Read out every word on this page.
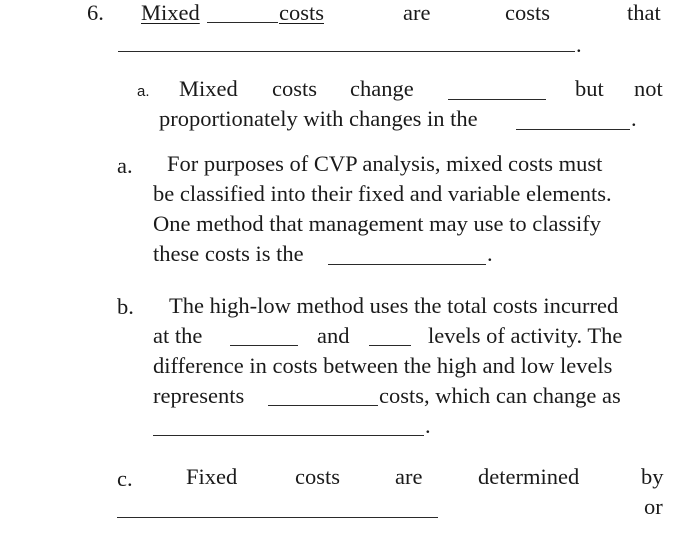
6. Mixed	costs	are	costs	that
.
a. Mixed costs change	but not
proportionately with changes in the	.
a. For purposes of CVP analysis, mixed costs must
be classified into their fixed and variable elements.
One method that management may use to classify
these costs is the	.
b. The high-low method uses the total costs incurred
at the	and	levels of activity. The
difference in costs between the high and low levels
represents	costs, which can change as
.
c. Fixed	costs are determined	by
or
